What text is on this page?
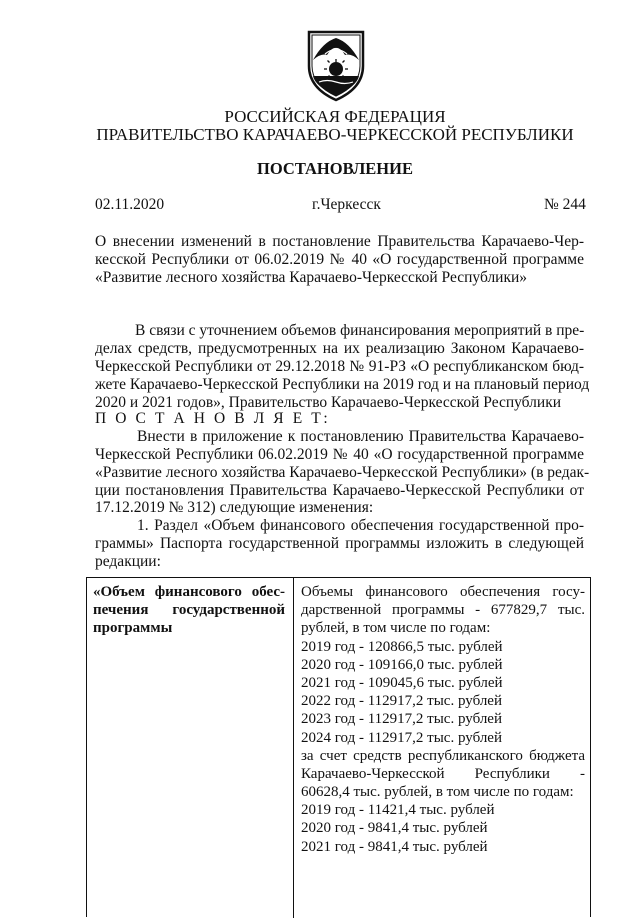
РОССИЙСКАЯ ФЕДЕРАЦИЯ
ПРАВИТЕЛЬСТВО КАРАЧАЕВО-ЧЕРКЕССКОЙ РЕСПУБЛИКИ
ПОСТАНОВЛЕНИЕ
02.11.2020	г.Черкесск	№ 244
О внесении изменений в постановление Правительства Карачаево-Чер-
кесской Республики от 06.02.2019 № 40 «О государственной программе
«Развитие лесного хозяйства Карачаево-Черкесской Республики»
В связи с уточнением объемов финансирования мероприятий в пре-
делах средств, предусмотренных на их реализацию Законом Карачаево-
Черкесской Республики от 29.12.2018 № 91-РЗ «О республиканском бюд-
жете Карачаево-Черкесской Республики на 2019 год и на плановый период
2020 и 2021 годов», Правительство Карачаево-Черкесской Республики
П О С Т А Н О В Л Я Е Т:
Внести в приложение к постановлению Правительства Карачаево-
Черкесской Республики 06.02.2019 № 40 «О государственной программе
«Развитие лесного хозяйства Карачаево-Черкесской Республики» (в редак-
ции постановления Правительства Карачаево-Черкесской Республики от
17.12.2019 № 312) следующие изменения:
1. Раздел «Объем финансового обеспечения государственной про-
граммы» Паспорта государственной программы изложить в следующей
редакции:
«Объем финансового обес-
печения государственной
программы
Объемы финансового обеспечения госу-
дарственной программы - 677829,7 тыс.
рублей, в том числе по годам:
2019 год - 120866,5 тыс. рублей
2020 год - 109166,0 тыс. рублей
2021 год - 109045,6 тыс. рублей
2022 год - 112917,2 тыс. рублей
2023 год - 112917,2 тыс. рублей
2024 год - 112917,2 тыс. рублей
за счет средств республиканского бюджета
Карачаево-Черкесской Республики -
60628,4 тыс. рублей, в том числе по годам:
2019 год - 11421,4 тыс. рублей
2020 год - 9841,4 тыс. рублей
2021 год - 9841,4 тыс. рублей
